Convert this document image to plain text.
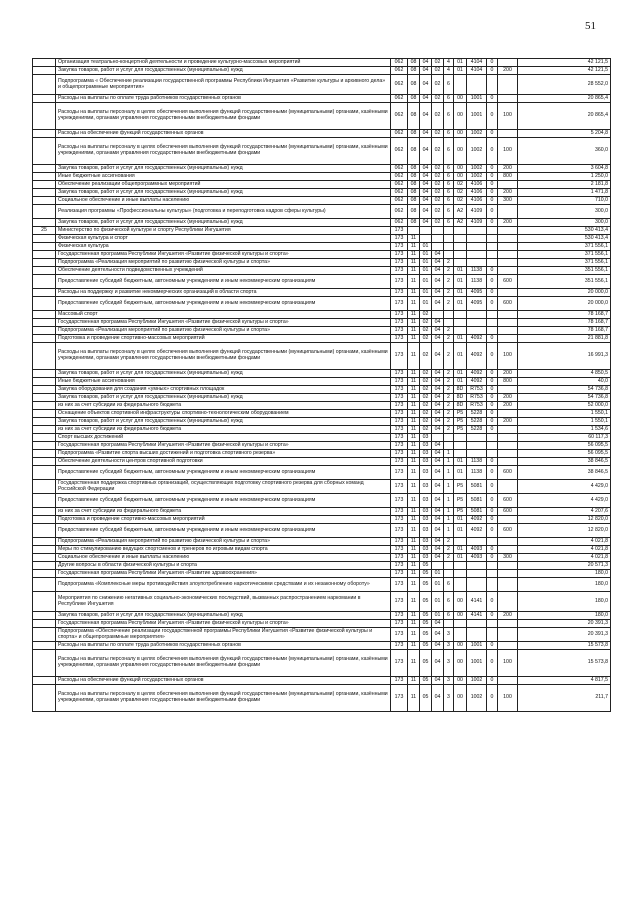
51
	Организация театрально-концертной деятельности и проведение культурно-массовых мероприятий	062	08	04	02	4	01	4104	0		42 121,5
	Закупка товаров, работ и услуг для государственных (муниципальных) нужд	062	08	04	02	4	01	4104	0	200	42 121,5
	Подпрограмма « Обеспечение реализации государственной программы Республики Ингушетия «Развитие культуры и архивного дела» и общепрограммные мероприятия»	062	08	04	02	6					28 552,0
	Расходы на выплаты по оплате труда работников государственных органов	062	08	04	02	6	00	1001	0		20 865,4
	Расходы на выплаты персоналу в целях обеспечения выполнения функций государственными (муниципальными) органами, казёнными учреждениями, органами управления государственными внебюджетными фондами	062	08	04	02	6	00	1001	0	100	20 865,4
	Расходы на обеспечение функций государственных органов	062	08	04	02	6	00	1002	0		5 204,8
	Расходы на выплаты персоналу в целях обеспечения выполнения функций государственными (муниципальными) органами, казёнными учреждениями, органами управления государственными внебюджетными фондами	062	08	04	02	6	00	1002	0	100	360,0
	Закупка товаров, работ и услуг для государственных (муниципальных) нужд	062	08	04	02	6	00	1002	0	200	3 604,8
	Иные бюджетные ассигнования	062	08	04	02	6	00	1002	0	800	1 250,0
	Обеспечение реализации общепрограммных мероприятий	062	08	04	02	6	02	4106	0		2 181,8
	Закупка товаров, работ и услуг для государственных (муниципальных) нужд	062	08	04	02	6	02	4106	0	200	1 471,8
	Социальное обеспечение и иные выплаты населению	062	08	04	02	6	02	4106	0	300	710,0
	Реализация программы «Профессиональны культуры» (подготовка и переподготовка кадров сферы культуры)	062	08	04	02	6	A2	4109	0		300,0
	Закупка товаров, работ и услуг для государственных (муниципальных) нужд	062	08	04	02	6	A2	4109	0	200	300,0
25	Министерство по физической культуре и спорту Республики Ингушетия	173									530 413,4
	Физическая культура и спорт	173	11								530 413,4
	Физическая культура	173	11	01							371 556,1
	Государственная программа Республики Ингушетия «Развитие физической культуры и спорта»	173	11	01	04						371 556,1
	Подпрограмма «Реализация мероприятий по развитию физической культуры и спорта»	173	11	01	04	2					371 556,1
	Обеспечение деятельности подведомственных учреждений	173	11	01	04	2	01	1138	0		351 556,1
	Предоставление субсидий бюджетным, автономным учреждениям и иным некоммерческим организациям	173	11	01	04	2	01	1138	0	600	351 556,1
	Расходы на поддержку и развитие некоммерческих организаций в области спорта	173	11	01	04	2	01	4095	0		20 000,0
	Предоставление субсидий бюджетным, автономным учреждениям и иным некоммерческим организациям	173	11	01	04	2	01	4095	0	600	20 000,0
	Массовый спорт	173	11	02							78 168,7
	Государственная программа Республики Ингушетия «Развитие физической культуры и спорта»	173	11	02	04						78 168,7
	Подпрограмма «Реализация мероприятий по развитию физической культуры и спорта»	173	11	02	04	2					78 168,7
	Подготовка и проведение спортивно-массовых мероприятий	173	11	02	04	2	01	4092	0		21 881,8
	Расходы на выплаты персоналу в целях обеспечения выполнения функций государственными (муниципальными) органами, казёнными учреждениями, органами управления государственными внебюджетными фондами	173	11	02	04	2	01	4092	0	100	16 991,3
	Закупка товаров, работ и услуг для государственных (муниципальных) нужд	173	11	02	04	2	01	4092	0	200	4 850,5
	Иные бюджетные ассигнования	173	11	02	04	2	01	4092	0	800	40,0
	Закупка оборудования для создания «умных» спортивных площадок	173	11	02	04	2	8D	R753	0		54 736,8
	Закупка товаров, работ и услуг для государственных (муниципальных) нужд	173	11	02	04	2	8D	R753	0	200	54 736,8
	из них за счет субсидии из федерального бюджета	173	11	02	04	2	8D	R753	0	200	52 000,0
	Оснащение объектов спортивной инфраструктуры спортивно-технологическим оборудованием	173	11	02	04	2	P5	5228	0		1 550,1
	Закупка товаров, работ и услуг для государственных (муниципальных) нужд	173	11	02	04	2	P5	5228	0	200	1 550,1
	из них за счет субсидии из федерального бюджета	173	11	02	04	2	P5	5228	0		1 534,6
	Спорт высших достижений	173	11	03							60 117,3
	Государственная программа Республики Ингушетия «Развитие физической культуры и спорта»	173	11	03	04						56 095,5
	Подпрограмма «Развитие спорта высших достижений и подготовка спортивного резерва»	173	11	03	04	1					56 095,5
	Обеспечение деятельности центров спортивной подготовки	173	11	03	04	1	01	1138	0		38 846,5
	Предоставление субсидий бюджетным, автономным учреждениям и иным некоммерческим организациям	173	11	03	04	1	01	1138	0	600	38 846,5
	Государственная поддержка спортивных организаций, осуществляющих подготовку спортивного резерва для сборных команд Российской Федерации	173	11	03	04	1	P5	5081	0		4 429,0
	Предоставление субсидий бюджетным, автономным учреждениям и иным некоммерческим организациям	173	11	03	04	1	P5	5081	0	600	4 429,0
	из них за счет субсидии из федерального бюджета	173	11	03	04	1	P5	5081	0	600	4 207,6
	Подготовка и проведение спортивно-массовых мероприятий	173	11	03	04	1	01	4092	0		12 820,0
	Предоставление субсидий бюджетным, автономным учреждениям и иным некоммерческим организациям	173	11	03	04	1	01	4092	0	600	12 820,0
	Подпрограмма «Реализация мероприятий по развитию физической культуры и спорта»	173	11	03	04	2					4 021,8
	Меры по стимулированию ведущих спортсменов и тренеров по игровым видам спорта	173	11	03	04	2	01	4093	0		4 021,8
	Социальное обеспечение и иные выплаты населению	173	11	03	04	2	01	4093	0	300	4 021,8
	Другие вопросы в области физической культуры и спорта	173	11	05							20 571,3
	Государственная программа Республики Ингушетия «Развитие здравоохранения»	173	11	05	01						180,0
	Подпрограмма «Комплексные меры противодействия злоупотреблению наркотическими средствами и их незаконному обороту»	173	11	05	01	6					180,0
	Мероприятия по снижению негативных социально-экономических последствий, вызванных распространением наркомании в Республике Ингушетия	173	11	05	01	6	00	4141	0		180,0
	Закупка товаров, работ и услуг для государственных (муниципальных) нужд	173	11	05	01	6	00	4141	0	200	180,0
	Государственная программа Республики Ингушетия «Развитие физической культуры и спорта»	173	11	05	04						20 391,3
	Подпрограмма «Обеспечение реализации государственной программы Республики Ингушетия «Развитие физической культуры и спорта» и общепрограммные мероприятия»	173	11	05	04	3					20 391,3
	Расходы на выплаты по оплате труда работников государственных органов	173	11	05	04	3	00	1001	0		15 573,8
	Расходы на выплаты персоналу в целях обеспечения выполнения функций государственными (муниципальными) органами, казёнными учреждениями, органами управления государственными внебюджетными фондами	173	11	05	04	3	00	1001	0	100	15 573,8
	Расходы на обеспечение функций государственных органов	173	11	05	04	3	00	1002	0		4 817,5
	Расходы на выплаты персоналу в целях обеспечения выполнения функций государственными (муниципальными) органами, казёнными учреждениями, органами управления государственными внебюджетными фондами	173	11	05	04	3	00	1002	0	100	211,7
